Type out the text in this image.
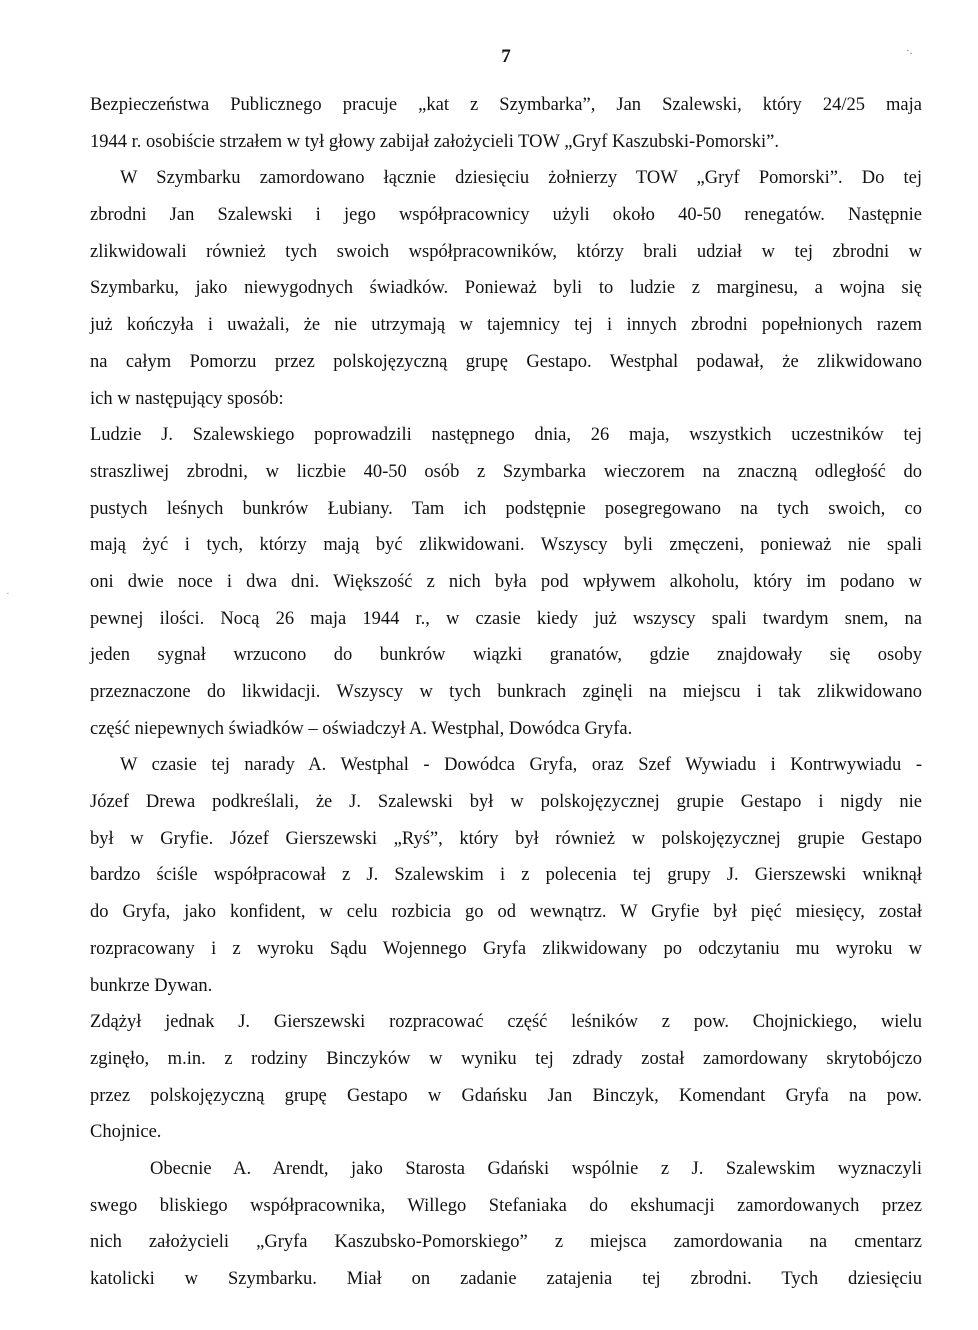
7	·.
·
Bezpieczeństwa Publicznego pracuje „kat z Szymbarka”, Jan Szalewski, który 24/25 maja
1944 r. osobiście strzałem w tył głowy zabijał założycieli TOW „Gryf Kaszubski-Pomorski”.
W Szymbarku zamordowano łącznie dziesięciu żołnierzy TOW „Gryf Pomorski”. Do tej
zbrodni Jan Szalewski i jego współpracownicy użyli około 40-50 renegatów. Następnie
zlikwidowali również tych swoich współpracowników, którzy brali udział w tej zbrodni w
Szymbarku, jako niewygodnych świadków. Ponieważ byli to ludzie z marginesu, a wojna się
już kończyła i uważali, że nie utrzymają w tajemnicy tej i innych zbrodni popełnionych razem
na całym Pomorzu przez polskojęzyczną grupę Gestapo. Westphal podawał, że zlikwidowano
ich w następujący sposób:
Ludzie J. Szalewskiego poprowadzili następnego dnia, 26 maja, wszystkich uczestników tej
straszliwej zbrodni, w liczbie 40-50 osób z Szymbarka wieczorem na znaczną odległość do
pustych leśnych bunkrów Łubiany. Tam ich podstępnie posegregowano na tych swoich, co
mają żyć i tych, którzy mają być zlikwidowani. Wszyscy byli zmęczeni, ponieważ nie spali
oni dwie noce i dwa dni. Większość z nich była pod wpływem alkoholu, który im podano w
pewnej ilości. Nocą 26 maja 1944 r., w czasie kiedy już wszyscy spali twardym snem, na
jeden sygnał wrzucono do bunkrów wiązki granatów, gdzie znajdowały się osoby
przeznaczone do likwidacji. Wszyscy w tych bunkrach zginęli na miejscu i tak zlikwidowano
część niepewnych świadków – oświadczył A. Westphal, Dowódca Gryfa.
W czasie tej narady A. Westphal - Dowódca Gryfa, oraz Szef Wywiadu i Kontrwywiadu -
Józef Drewa podkreślali, że J. Szalewski był w polskojęzycznej grupie Gestapo i nigdy nie
był w Gryfie. Józef Gierszewski „Ryś”, który był również w polskojęzycznej grupie Gestapo
bardzo ściśle współpracował z J. Szalewskim i z polecenia tej grupy J. Gierszewski wniknął
do Gryfa, jako konfident, w celu rozbicia go od wewnątrz. W Gryfie był pięć miesięcy, został
rozpracowany i z wyroku Sądu Wojennego Gryfa zlikwidowany po odczytaniu mu wyroku w
bunkrze Dywan.
Zdążył jednak J. Gierszewski rozpracować część leśników z pow. Chojnickiego, wielu
zginęło, m.in. z rodziny Binczyków w wyniku tej zdrady został zamordowany skrytobójczo
przez polskojęzyczną grupę Gestapo w Gdańsku Jan Binczyk, Komendant Gryfa na pow.
Chojnice.
Obecnie A. Arendt, jako Starosta Gdański wspólnie z J. Szalewskim wyznaczyli
swego bliskiego współpracownika, Willego Stefaniaka do ekshumacji zamordowanych przez
nich założycieli „Gryfa Kaszubsko-Pomorskiego” z miejsca zamordowania na cmentarz
katolicki w Szymbarku. Miał on zadanie zatajenia tej zbrodni. Tych dziesięciu
